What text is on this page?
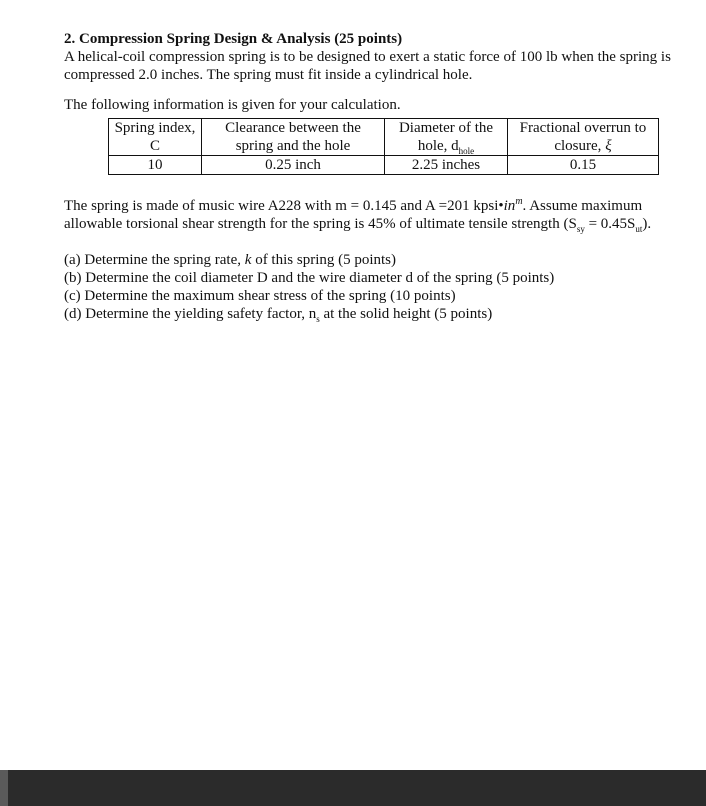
2. Compression Spring Design & Analysis (25 points)

A helical-coil compression spring is to be designed to exert a static force of 100 lb when the spring is compressed 2.0 inches. The spring must fit inside a cylindrical hole.

The following information is given for your calculation.

Spring index, C	Clearance between the spring and the hole	Diameter of the hole, $d_{hole}$	Fractional overrun to closure, ξ
10	0.25 inch	2.25 inches	0.15

The spring is made of music wire A228 with m = 0.145 and A =201 $kpsi•in^m$. Assume maximum allowable torsional shear strength for the spring is 45% of ultimate tensile strength $(S_{sy} = 0.45S_{ut})$.

(a) Determine the spring rate, k of this spring (5 points)
(b) Determine the coil diameter D and the wire diameter d of the spring (5 points)
(c) Determine the maximum shear stress of the spring (10 points)
(d) Determine the yielding safety factor, $n_s$ at the solid height (5 points)
